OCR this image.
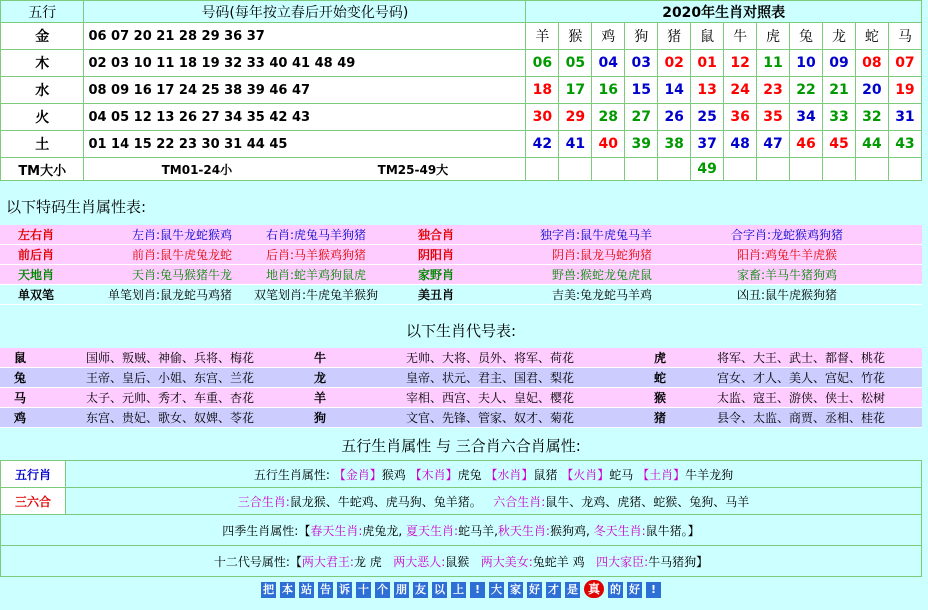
五行	号码(每年按立春后开始变化号码)	2020年生肖对照表											
金	06 07 20 21 28 29 36 37	羊	猴	鸡	狗	猪	鼠	牛	虎	兔	龙	蛇	马
木	02 03 10 11 18 19 32 33 40 41 48 49	06	05	04	03	02	01	12	11	10	09	08	07
水	08 09 16 17 24 25 38 39 46 47	18	17	16	15	14	13	24	23	22	21	20	19
火	04 05 12 13 26 27 34 35 42 43	30	29	28	27	26	25	36	35	34	33	32	31
土	01 14 15 22 23 30 31 44 45	42	41	40	39	38	37	48	47	46	45	44	43
TM大小	TM01-24小 TM25-49大						49						
以下特码生肖属性表:
左右肖	左肖:鼠牛龙蛇猴鸡	右肖:虎兔马羊狗猪	独合肖	独字肖:鼠牛虎兔马羊	合字肖:龙蛇猴鸡狗猪
前后肖	前肖:鼠牛虎兔龙蛇	后肖:马羊猴鸡狗猪	阴阳肖	阴肖:鼠龙马蛇狗猪	阳肖:鸡兔牛羊虎猴
天地肖	天肖:兔马猴猪牛龙	地肖:蛇羊鸡狗鼠虎	家野肖	野兽:猴蛇龙兔虎鼠	家畜:羊马牛猪狗鸡
单双笔	单笔划肖:鼠龙蛇马鸡猪	双笔划肖:牛虎兔羊猴狗	美丑肖	吉美:兔龙蛇马羊鸡	凶丑:鼠牛虎猴狗猪
以下生肖代号表:
鼠	国师、叛贼、神偷、兵将、梅花	牛	无帅、大将、员外、将军、荷花	虎	将军、大王、武士、都督、桃花
兔	王帝、皇后、小姐、东宫、兰花	龙	皇帝、状元、君主、国君、梨花	蛇	宫女、才人、美人、宫妃、竹花
马	太子、元帅、秀才、车重、杏花	羊	宰相、西宫、夫人、皇妃、樱花	猴	太监、寇王、游侠、侠士、松树
鸡	东宫、贵妃、歌女、奴婢、苓花	狗	文官、先锋、管家、奴才、菊花	猪	县令、太监、商贾、丞相、桂花
五行生肖属性 与 三合肖六合肖属性:
五行肖	五行生肖属性: 【金肖】猴鸡 【木肖】虎兔 【水肖】鼠猪 【火肖】蛇马 【土肖】牛羊龙狗
三六合	三合生肖:鼠龙猴、牛蛇鸡、虎马狗、兔羊猪。 六合生肖:鼠牛、龙鸡、虎猪、蛇猴、兔狗、马羊
四季生肖属性:【春天生肖:虎兔龙, 夏天生肖:蛇马羊,秋天生肖:猴狗鸡, 冬天生肖:鼠牛猪。】	
十二代号属性:【两大君王:龙 虎 两大恶人:鼠猴 两大美女:兔蛇羊 鸡 四大家臣:牛马猪狗】	
把 本 站 告 诉 十 个 朋 友 以 上 ! 大 家 好 才 是 真 的 好 !
